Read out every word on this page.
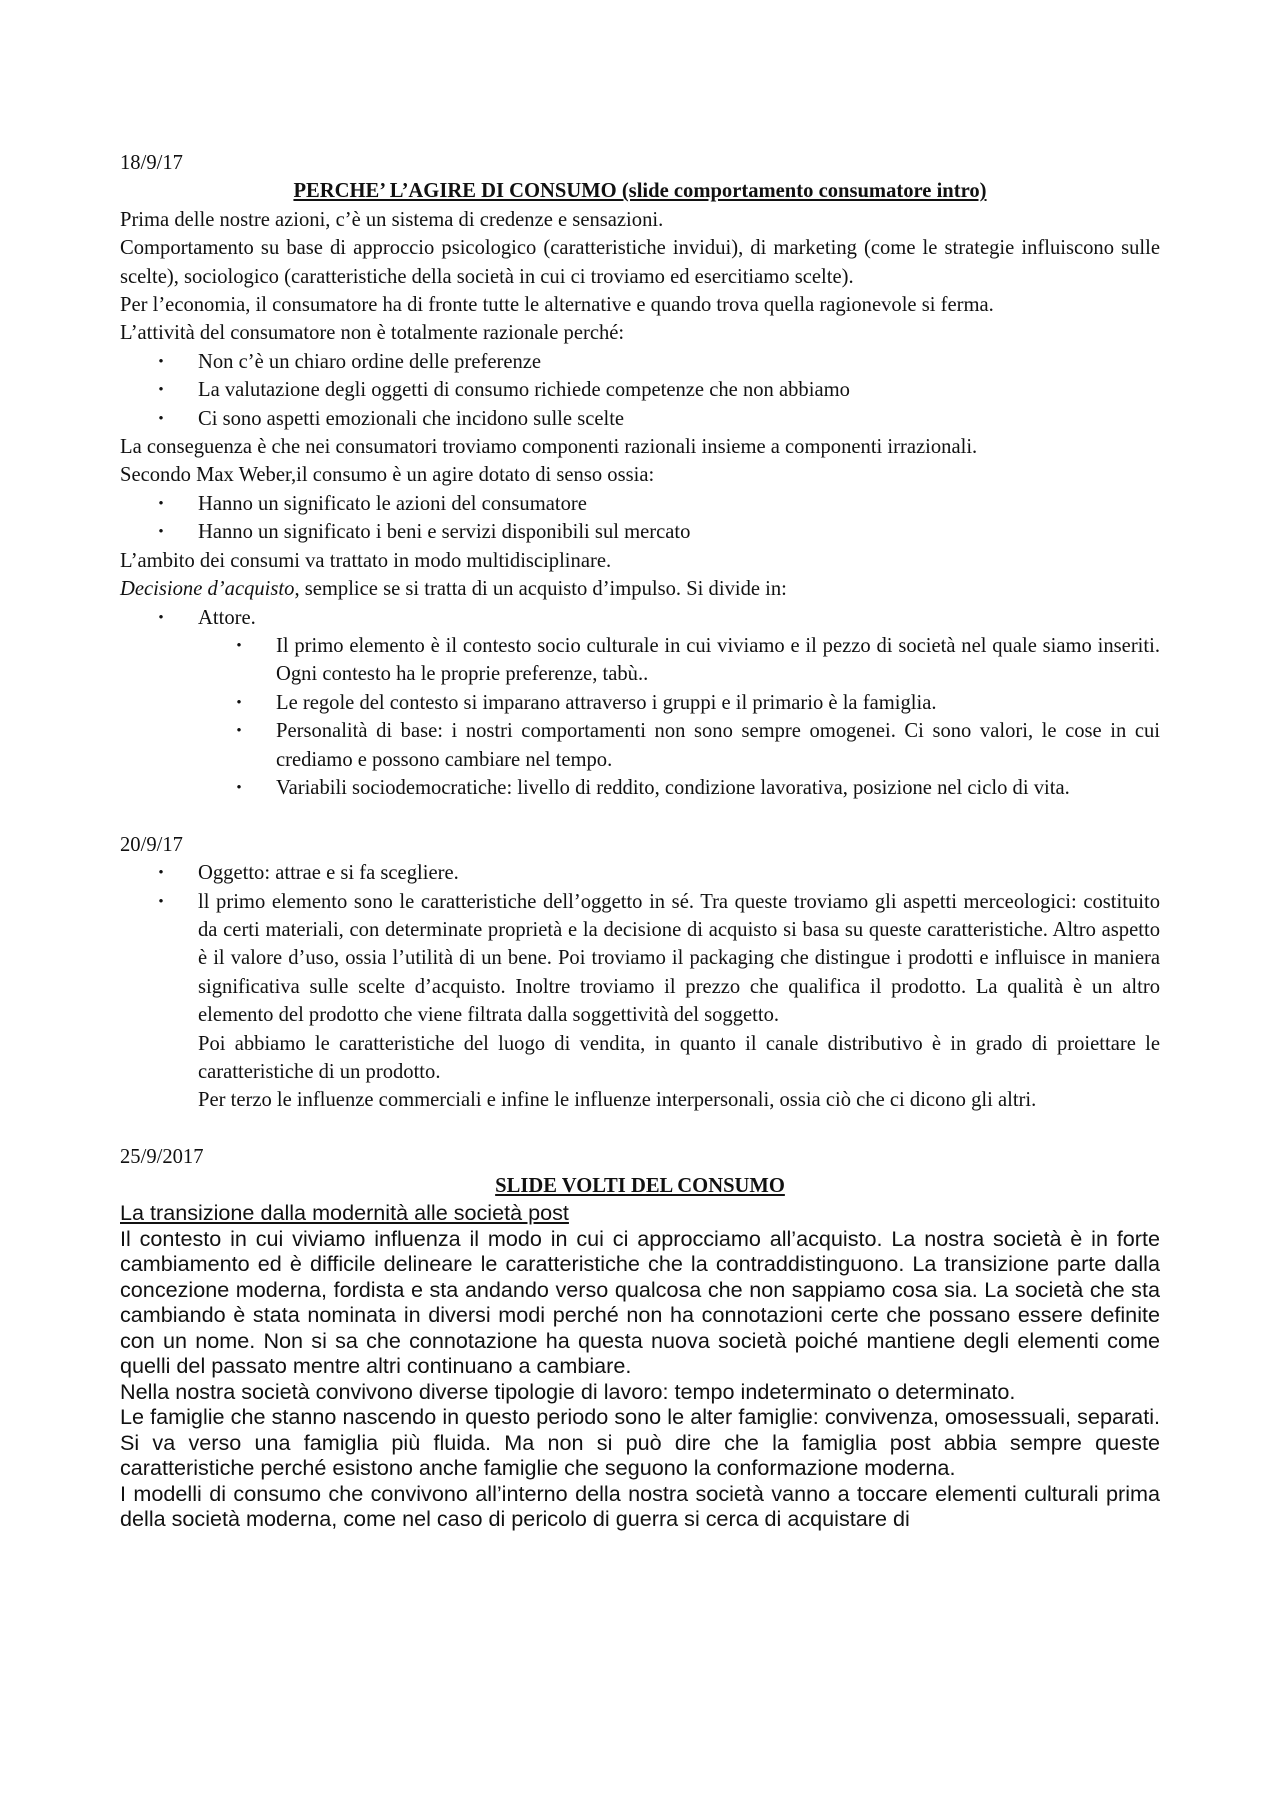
18/9/17

PERCHE’ L’AGIRE DI CONSUMO (slide comportamento consumatore intro)

Prima delle nostre azioni, c’è un sistema di credenze e sensazioni.

Comportamento su base di approccio psicologico (caratteristiche invidui), di marketing (come le strategie influiscono sulle scelte), sociologico (caratteristiche della società in cui ci troviamo ed esercitiamo scelte).

Per l’economia, il consumatore ha di fronte tutte le alternative e quando trova quella ragionevole si ferma.

L’attività del consumatore non è totalmente razionale perché:

• Non c’è un chiaro ordine delle preferenze
• La valutazione degli oggetti di consumo richiede competenze che non abbiamo
• Ci sono aspetti emozionali che incidono sulle scelte

La conseguenza è che nei consumatori troviamo componenti razionali insieme a componenti irrazionali.

Secondo Max Weber,il consumo è un agire dotato di senso ossia:

• Hanno un significato le azioni del consumatore
• Hanno un significato i beni e servizi disponibili sul mercato

L’ambito dei consumi va trattato in modo multidisciplinare.

Decisione d’acquisto, semplice se si tratta di un acquisto d’impulso. Si divide in:

• Attore.
• Il primo elemento è il contesto socio culturale in cui viviamo e il pezzo di società nel quale siamo inseriti. Ogni contesto ha le proprie preferenze, tabù..
• Le regole del contesto si imparano attraverso i gruppi e il primario è la famiglia.
• Personalità di base: i nostri comportamenti non sono sempre omogenei. Ci sono valori, le cose in cui crediamo e possono cambiare nel tempo.
• Variabili sociodemocratiche: livello di reddito, condizione lavorativa, posizione nel ciclo di vita.

20/9/17

• Oggetto: attrae e si fa scegliere.
• ll primo elemento sono le caratteristiche dell’oggetto in sé. Tra queste troviamo gli aspetti merceologici: costituito da certi materiali, con determinate proprietà e la decisione di acquisto si basa su queste caratteristiche. Altro aspetto è il valore d’uso, ossia l’utilità di un bene. Poi troviamo il packaging che distingue i prodotti e influisce in maniera significativa sulle scelte d’acquisto. Inoltre troviamo il prezzo che qualifica il prodotto. La qualità è un altro elemento del prodotto che viene filtrata dalla soggettività del soggetto.
Poi abbiamo le caratteristiche del luogo di vendita, in quanto il canale distributivo è in grado di proiettare le caratteristiche di un prodotto.
Per terzo le influenze commerciali e infine le influenze interpersonali, ossia ciò che ci dicono gli altri.

25/9/2017

SLIDE VOLTI DEL CONSUMO

La transizione dalla modernità alle società post

Il contesto in cui viviamo influenza il modo in cui ci approcciamo all’acquisto. La nostra società è in forte cambiamento ed è difficile delineare le caratteristiche che la contraddistinguono. La transizione parte dalla concezione moderna, fordista e sta andando verso qualcosa che non sappiamo cosa sia. La società che sta cambiando è stata nominata in diversi modi perché non ha connotazioni certe che possano essere definite con un nome. Non si sa che connotazione ha questa nuova società poiché mantiene degli elementi come quelli del passato mentre altri continuano a cambiare.

Nella nostra società convivono diverse tipologie di lavoro: tempo indeterminato o determinato.

Le famiglie che stanno nascendo in questo periodo sono le alter famiglie: convivenza, omosessuali, separati. Si va verso una famiglia più fluida. Ma non si può dire che la famiglia post abbia sempre queste caratteristiche perché esistono anche famiglie che seguono la conformazione moderna.

I modelli di consumo che convivono all’interno della nostra società vanno a toccare elementi culturali prima della società moderna, come nel caso di pericolo di guerra si cerca di acquistare di
